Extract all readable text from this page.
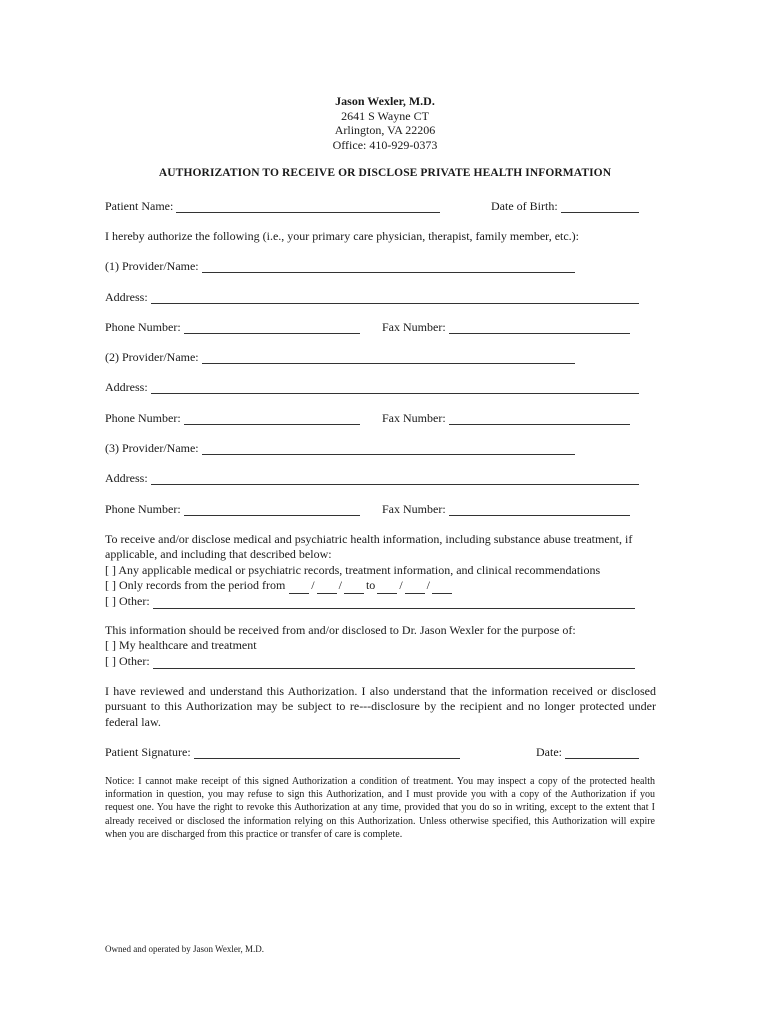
Jason Wexler, M.D.
2641 S Wayne CT
Arlington, VA 22206
Office: 410-929-0373
AUTHORIZATION TO RECEIVE OR DISCLOSE PRIVATE HEALTH INFORMATION
Patient Name:	Date of Birth:
I hereby authorize the following (i.e., your primary care physician, therapist, family member, etc.):
(1) Provider/Name:
Address:
Phone Number:	Fax Number:
(2) Provider/Name:
Address:
Phone Number:	Fax Number:
(3) Provider/Name:
Address:
Phone Number:	Fax Number:
To receive and/or disclose medical and psychiatric health information, including substance abuse treatment, if applicable, and including that described below:
[ ] Any applicable medical or psychiatric records, treatment information, and clinical recommendations
[ ] Only records from the period from / / to / /
[ ] Other:
This information should be received from and/or disclosed to Dr. Jason Wexler for the purpose of:
[ ] My healthcare and treatment
[ ] Other:
I have reviewed and understand this Authorization. I also understand that the information received or disclosed pursuant to this Authorization may be subject to re---disclosure by the recipient and no longer protected under federal law.
Patient Signature:	Date:
Notice: I cannot make receipt of this signed Authorization a condition of treatment. You may inspect a copy of the protected health information in question, you may refuse to sign this Authorization, and I must provide you with a copy of the Authorization if you request one. You have the right to revoke this Authorization at any time, provided that you do so in writing, except to the extent that I already received or disclosed the information relying on this Authorization. Unless otherwise specified, this Authorization will expire when you are discharged from this practice or transfer of care is complete.
Owned and operated by Jason Wexler, M.D.
